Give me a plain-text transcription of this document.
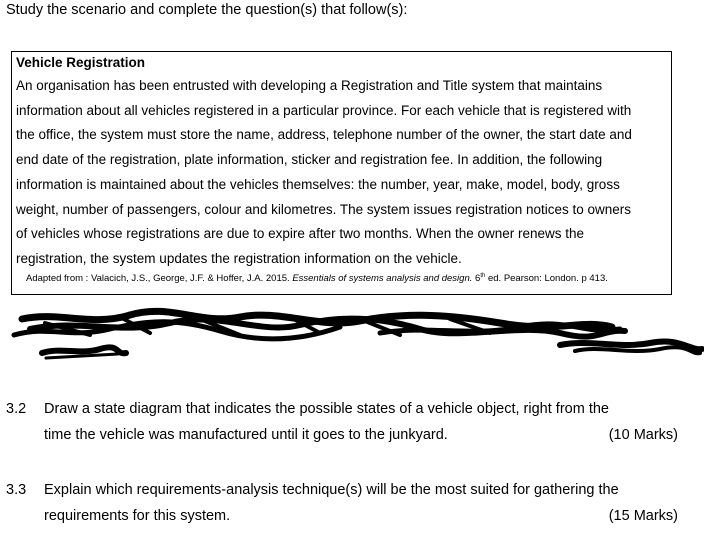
Study the scenario and complete the question(s) that follow(s):
Vehicle Registration
An organisation has been entrusted with developing a Registration and Title system that maintains
information about all vehicles registered in a particular province. For each vehicle that is registered with
the office, the system must store the name, address, telephone number of the owner, the start date and
end date of the registration, plate information, sticker and registration fee. In addition, the following
information is maintained about the vehicles themselves: the number, year, make, model, body, gross
weight, number of passengers, colour and kilometres. The system issues registration notices to owners
of vehicles whose registrations are due to expire after two months. When the owner renews the
registration, the system updates the registration information on the vehicle.
Adapted from : Valacich, J.S., George, J.F. & Hoffer, J.A. 2015. Essentials of systems analysis and design. 6th ed. Pearson: London. p 413.
3.2 Draw a state diagram that indicates the possible states of a vehicle object, right from the
time the vehicle was manufactured until it goes to the junkyard.	(10 Marks)
3.3 Explain which requirements-analysis technique(s) will be the most suited for gathering the
requirements for this system.	(15 Marks)
